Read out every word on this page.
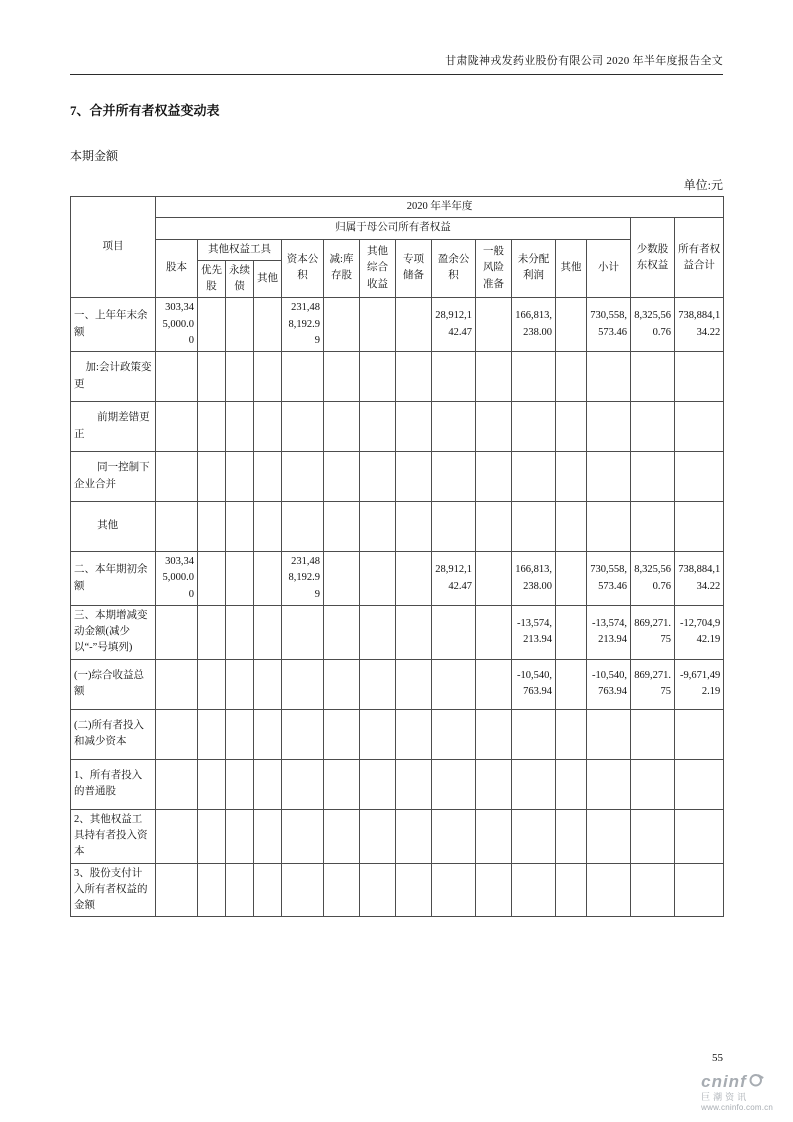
甘肃陇神戎发药业股份有限公司 2020 年半年度报告全文
7、合并所有者权益变动表
本期金额
单位:元
项目	2020 年半年度														
	归属于母公司所有者权益													少数股东权益	所有者权益合计
	股本	其他权益工具			资本公积	减:库存股	其他综合收益	专项储备	盈余公积	一般风险准备	未分配利润	其他	小计		
		优先股	永续债	其他											
一、上年年末余额	303,345,000.00				231,488,192.99				28,912,142.47		166,813,238.00		730,558,573.46	8,325,560.76	738,884,134.22
加:会计政策变更															
前期差错更正															
同一控制下企业合并															
其他															
二、本年期初余额	303,345,000.00				231,488,192.99				28,912,142.47		166,813,238.00		730,558,573.46	8,325,560.76	738,884,134.22
三、本期增减变动金额(减少以“-”号填列)											-13,574,213.94		-13,574,213.94	869,271.75	-12,704,942.19
(一)综合收益总额											-10,540,763.94		-10,540,763.94	869,271.75	-9,671,492.19
(二)所有者投入和减少资本															
1、所有者投入的普通股															
2、其他权益工具持有者投入资本															
3、股份支付计入所有者权益的金额															
55
cninf
巨潮资讯
www.cninfo.com.cn
